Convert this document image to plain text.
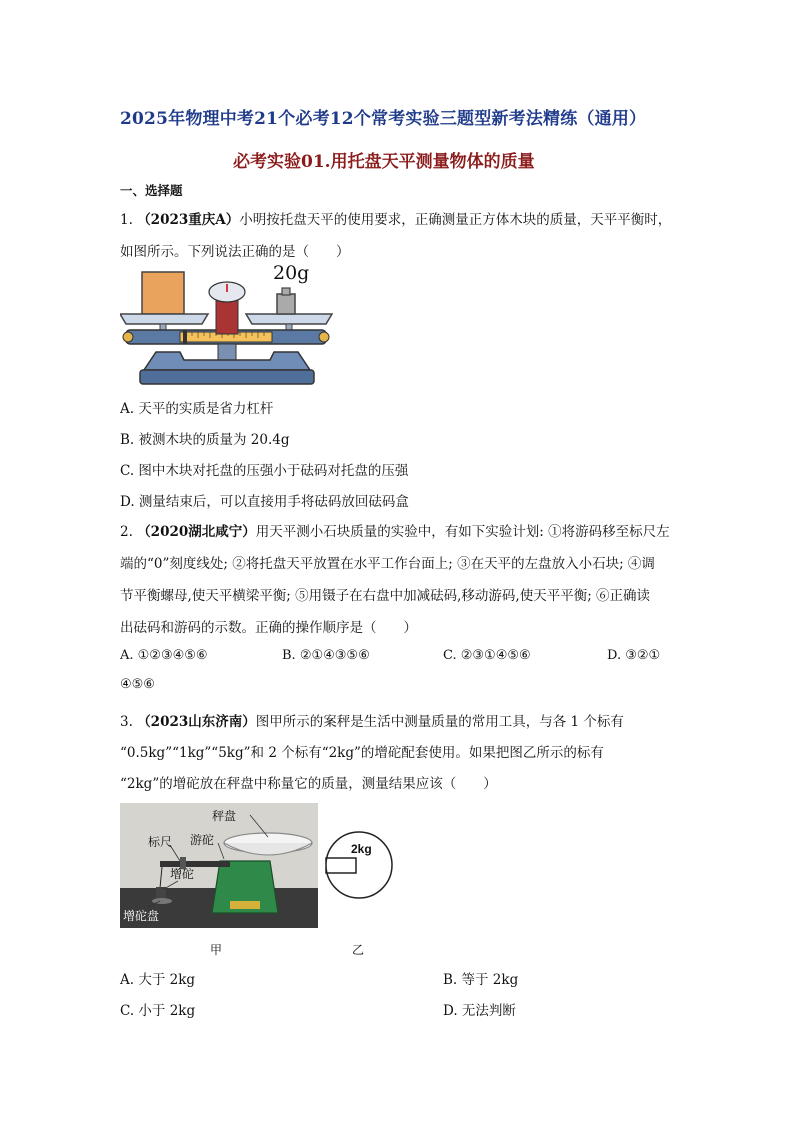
2025年物理中考21个必考12个常考实验三题型新考法精练（通用）
必考实验01.用托盘天平测量物体的质量
一、选择题
1. （2023重庆A）小明按托盘天平的使用要求，正确测量正方体木块的质量，天平平衡时，
如图所示。下列说法正确的是（　　）
20g
A. 天平的实质是省力杠杆
B. 被测木块的质量为 20.4g
C. 图中木块对托盘的压强小于砝码对托盘的压强
D. 测量结束后，可以直接用手将砝码放回砝码盒
2. （2020湖北咸宁）用天平测小石块质量的实验中，有如下实验计划: ①将游码移至标尺左
端的“0”刻度线处; ②将托盘天平放置在水平工作台面上; ③在天平的左盘放入小石块; ④调
节平衡螺母,使天平横梁平衡; ⑤用镊子在右盘中加减砝码,移动游码,使天平平衡; ⑥正确读
出砝码和游码的示数。正确的操作顺序是（　　）
A. ①②③④⑤⑥	B. ②①④③⑤⑥	C. ②③①④⑤⑥	D. ③②①
④⑤⑥
3. （2023山东济南）图甲所示的案秤是生活中测量质量的常用工具，与各 1 个标有
“0.5kg”“1kg”“5kg”和 2 个标有“2kg”的增砣配套使用。如果把图乙所示的标有
“2kg”的增砣放在秤盘中称量它的质量，测量结果应该（　　）
秤盘
标尺 游砣
增砣
增砣盘
2kg
甲	乙
A. 大于 2kg	B. 等于 2kg
C. 小于 2kg	D. 无法判断
